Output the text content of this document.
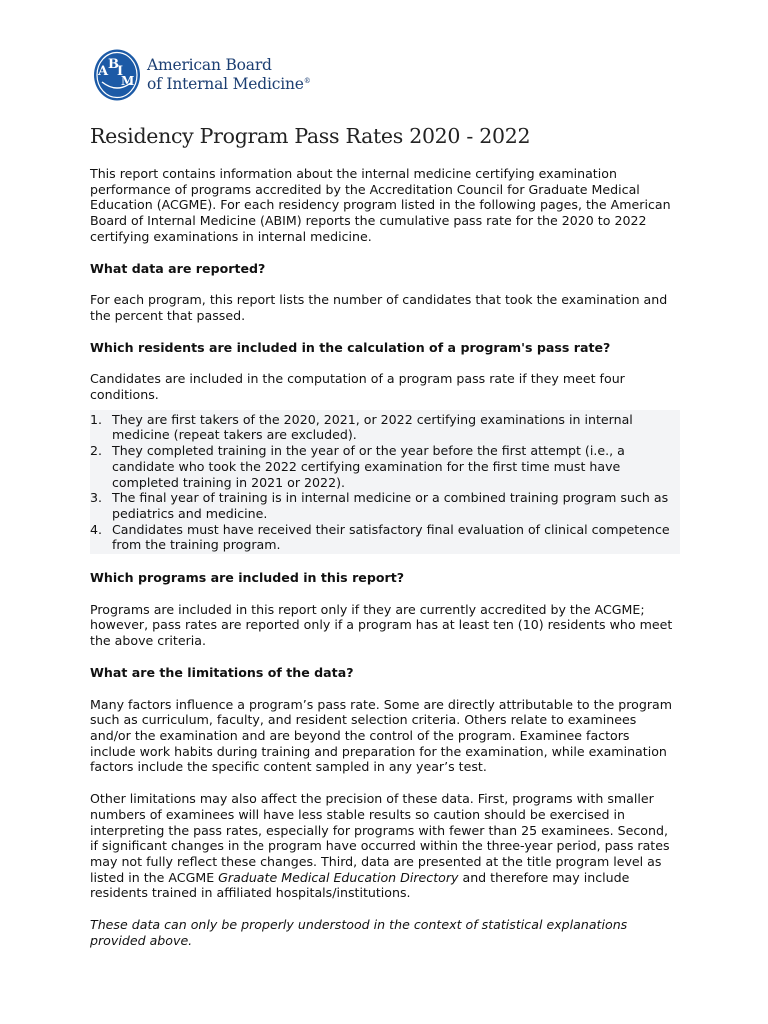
A B
I
M
American Board
of Internal Medicine®
Residency Program Pass Rates 2020 - 2022

This report contains information about the internal medicine certifying examination
performance of programs accredited by the Accreditation Council for Graduate Medical
Education (ACGME). For each residency program listed in the following pages, the American
Board of Internal Medicine (ABIM) reports the cumulative pass rate for the 2020 to 2022
certifying examinations in internal medicine.

What data are reported?

For each program, this report lists the number of candidates that took the examination and
the percent that passed.

Which residents are included in the calculation of a program's pass rate?

Candidates are included in the computation of a program pass rate if they meet four
conditions.

1. They are first takers of the 2020, 2021, or 2022 certifying examinations in internal
medicine (repeat takers are excluded).
2. They completed training in the year of or the year before the first attempt (i.e., a
candidate who took the 2022 certifying examination for the first time must have
completed training in 2021 or 2022).
3. The final year of training is in internal medicine or a combined training program such as
pediatrics and medicine.
4. Candidates must have received their satisfactory final evaluation of clinical competence
from the training program.
Which programs are included in this report?

Programs are included in this report only if they are currently accredited by the ACGME;
however, pass rates are reported only if a program has at least ten (10) residents who meet
the above criteria.

What are the limitations of the data?

Many factors influence a program’s pass rate. Some are directly attributable to the program
such as curriculum, faculty, and resident selection criteria. Others relate to examinees
and/or the examination and are beyond the control of the program. Examinee factors
include work habits during training and preparation for the examination, while examination
factors include the specific content sampled in any year’s test.

Other limitations may also affect the precision of these data. First, programs with smaller
numbers of examinees will have less stable results so caution should be exercised in
interpreting the pass rates, especially for programs with fewer than 25 examinees. Second,
if significant changes in the program have occurred within the three-year period, pass rates
may not fully reflect these changes. Third, data are presented at the title program level as
listed in the ACGME Graduate Medical Education Directory and therefore may include
residents trained in affiliated hospitals/institutions.

These data can only be properly understood in the context of statistical explanations
provided above.
